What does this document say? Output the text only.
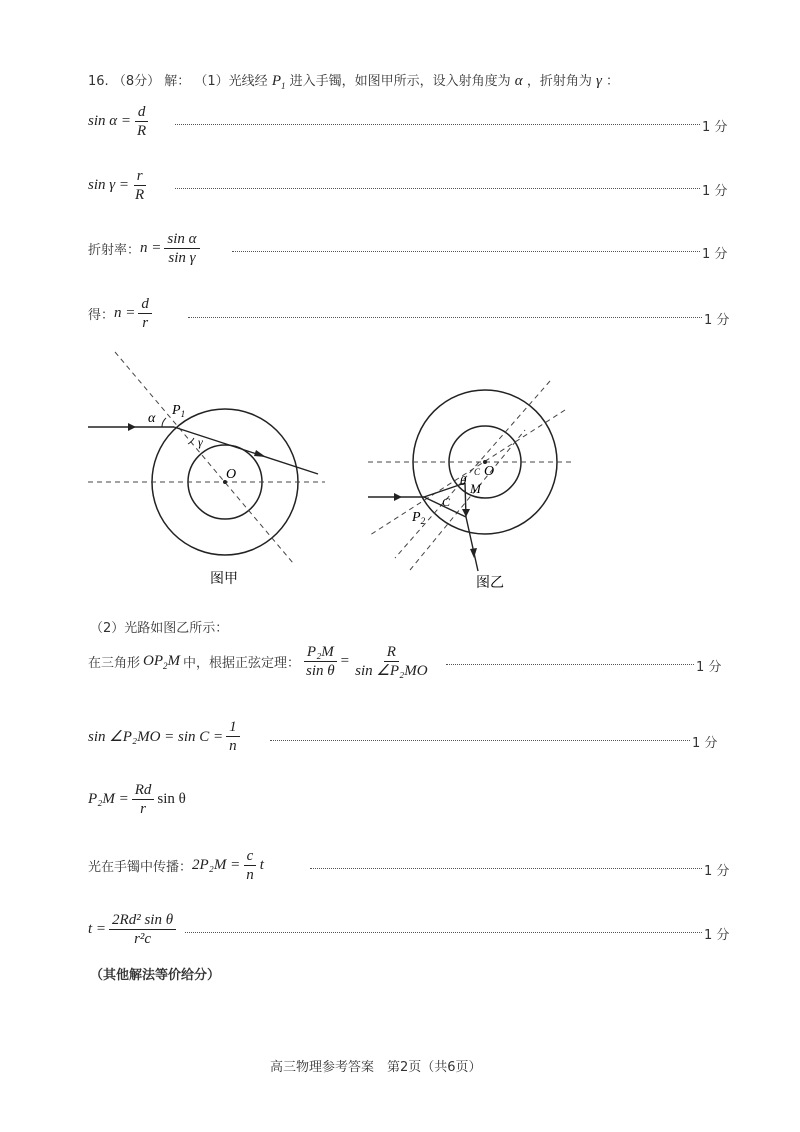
16. （8分） 解： （1）光线经 $P_1$ 进入手镯，如图甲所示，设入射角度为 α ，折射角为 γ ：
$\sin \alpha = \frac{d}{R}$	1 分
$\sin \gamma = \frac{r}{R}$	1 分
折射率： $n = \frac{\text{sin α}}{\text{sin γ}}$	1 分
得： $n = \frac{d}{r}$	1 分
α
$P_1$
γ
O
图甲
O
θ
C
M
C
$P_2$
图乙
（2）光路如图乙所示：
在三角形 $OP_2M$ 中，根据正弦定理： $\frac{\text{P₂M}}{\text{sin θ}} = \frac{R}{\text{sin ∠P₂MO}}$	1 分
sin ∠P₂MO = $\sin C = \frac{1}{n}$	1 分
$P_2M = \frac{Rd}{r}$ sin θ
光在手镯中传播： $2P_2M = \frac{c}{n}$ t	1 分
$t = \frac{\text{2Rd² sin θ}}{\text{r²c}}$	1 分
（其他解法等价给分）
高三物理参考答案　第2页（共6页）
